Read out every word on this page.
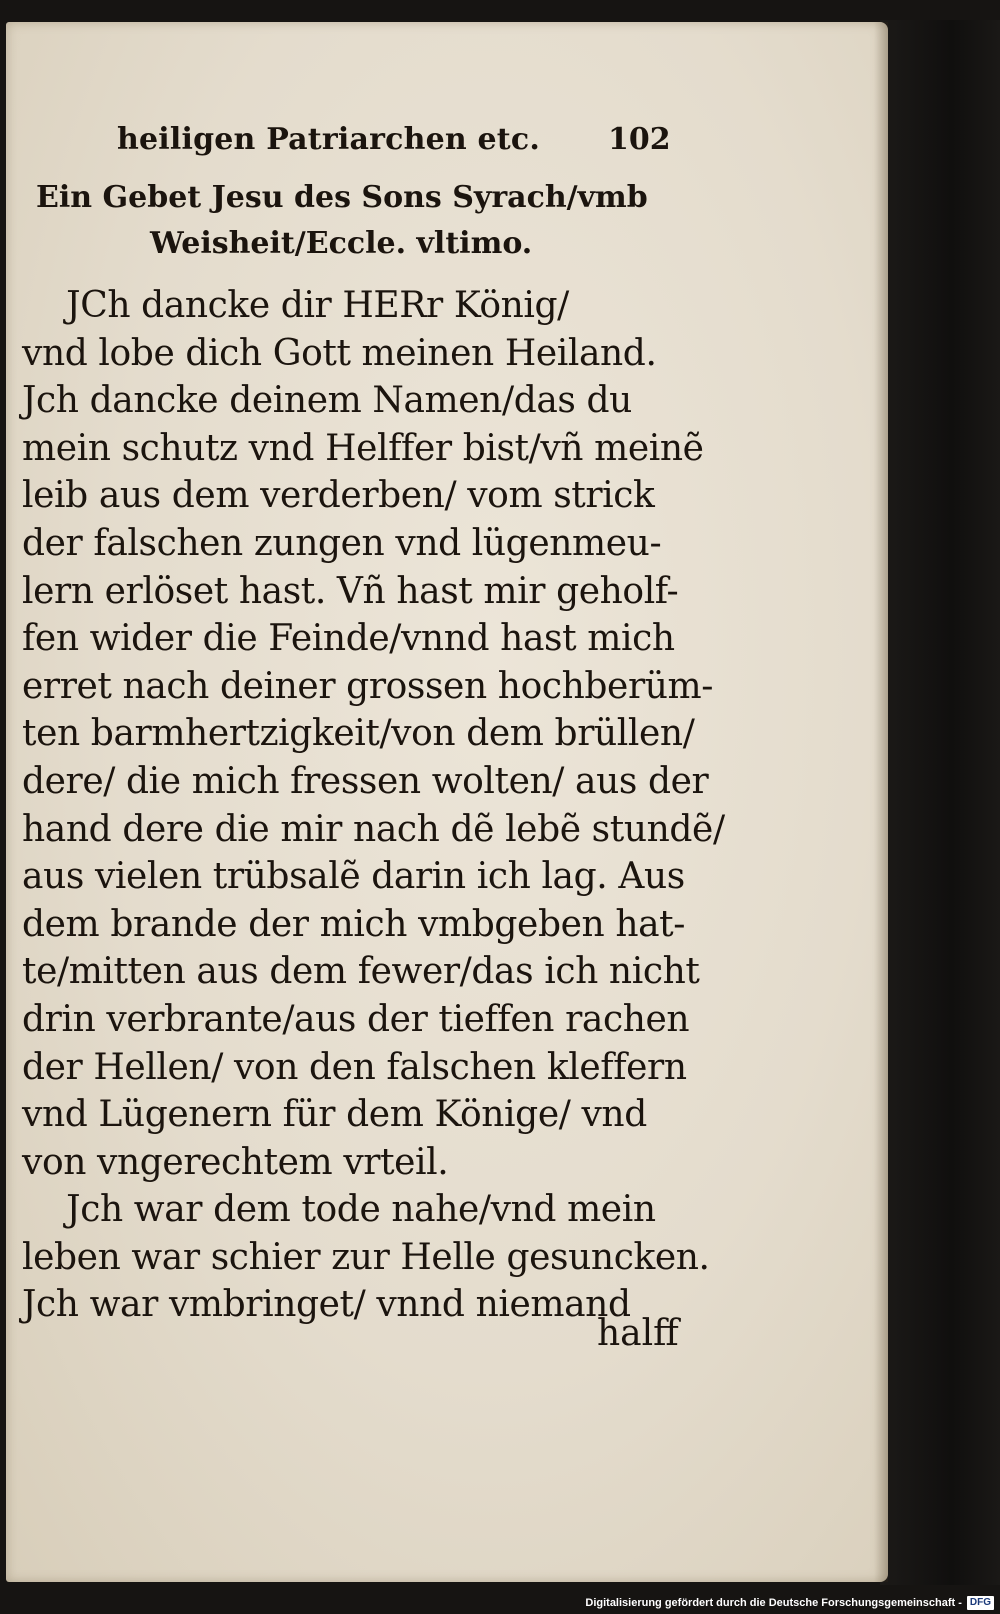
heiligen Patriarchen etc.	102
Ein Gebet Jesu des Sons Syrach/vmb
Weisheit/Eccle. vltimo.
JCh dancke dir HERr König/
vnd lobe dich Gott meinen Heiland.
Jch dancke deinem Namen/das du
mein schutz vnd Helffer bist/vñ meinẽ
leib aus dem verderben/ vom strick
der falschen zungen vnd lügenmeu-
lern erlöset hast. Vñ hast mir geholf-
fen wider die Feinde/vnnd hast mich
erret nach deiner grossen hochberüm-
ten barmhertzigkeit/von dem brüllen/
dere/ die mich fressen wolten/ aus der
hand dere die mir nach dẽ lebẽ stundẽ/
aus vielen trübsalẽ darin ich lag. Aus
dem brande der mich vmbgeben hat-
te/mitten aus dem fewer/das ich nicht
drin verbrante/aus der tieffen rachen
der Hellen/ von den falschen kleffern
vnd Lügenern für dem Könige/ vnd
von vngerechtem vrteil.
Jch war dem tode nahe/vnd mein
leben war schier zur Helle gesuncken.
Jch war vmbringet/ vnnd niemand
halff
Digitalisierung gefördert durch die Deutsche Forschungsgemeinschaft - DFG
